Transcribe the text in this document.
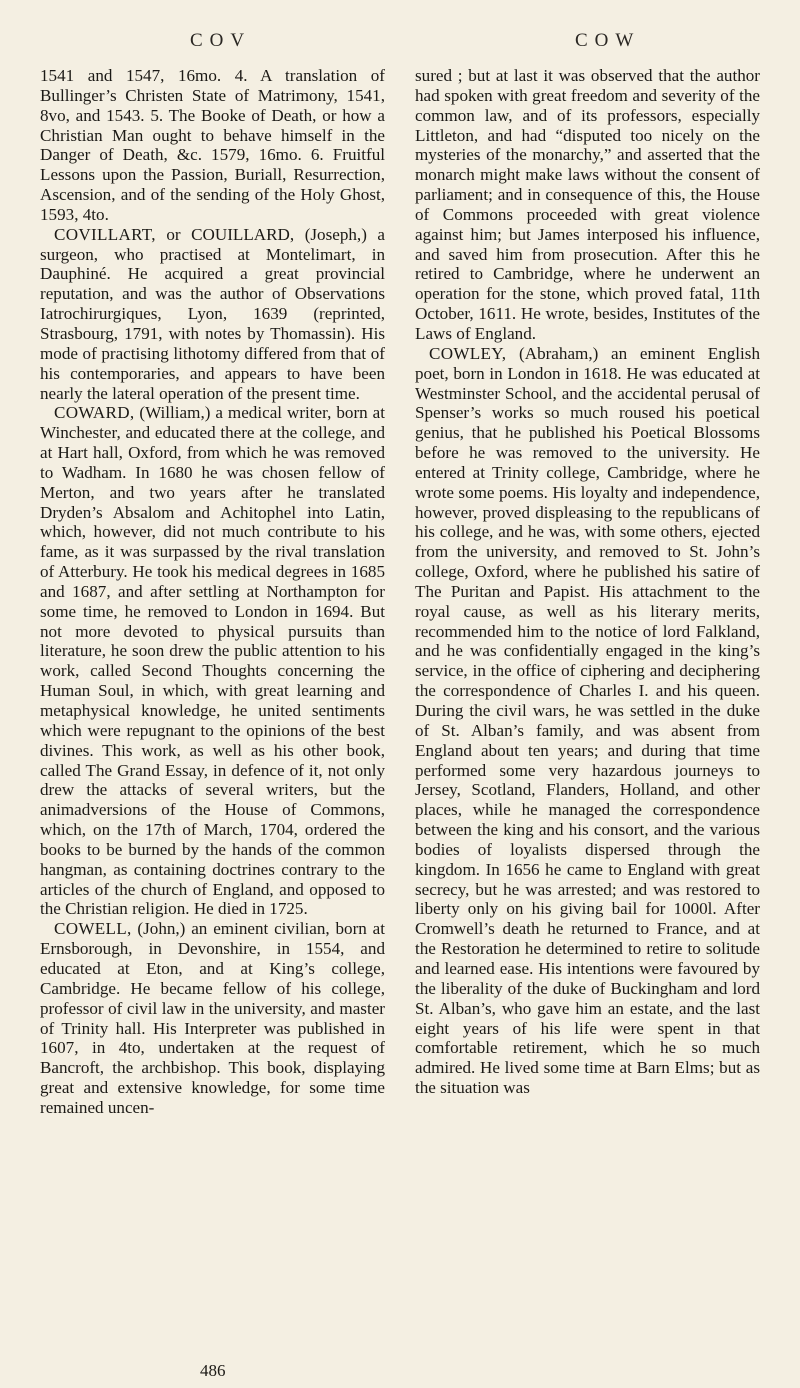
COV	COW

1541 and 1547, 16mo. 4. A translation of Bullinger’s Christen State of Matrimony, 1541, 8vo, and 1543. 5. The Booke of Death, or how a Christian Man ought to behave himself in the Danger of Death, &c. 1579, 16mo. 6. Fruitful Lessons upon the Passion, Buriall, Resurrection, Ascension, and of the sending of the Holy Ghost, 1593, 4to.

COVILLART, or COUILLARD, (Joseph,) a surgeon, who practised at Montelimart, in Dauphiné. He acquired a great provincial reputation, and was the author of Observations Iatrochirurgiques, Lyon, 1639 (reprinted, Strasbourg, 1791, with notes by Thomassin). His mode of practising lithotomy differed from that of his contemporaries, and appears to have been nearly the lateral operation of the present time.

COWARD, (William,) a medical writer, born at Winchester, and educated there at the college, and at Hart hall, Oxford, from which he was removed to Wadham. In 1680 he was chosen fellow of Merton, and two years after he translated Dryden’s Absalom and Achitophel into Latin, which, however, did not much contribute to his fame, as it was surpassed by the rival translation of Atterbury. He took his medical degrees in 1685 and 1687, and after settling at Northampton for some time, he removed to London in 1694. But not more devoted to physical pursuits than literature, he soon drew the public attention to his work, called Second Thoughts concerning the Human Soul, in which, with great learning and metaphysical knowledge, he united sentiments which were repugnant to the opinions of the best divines. This work, as well as his other book, called The Grand Essay, in defence of it, not only drew the attacks of several writers, but the animadversions of the House of Commons, which, on the 17th of March, 1704, ordered the books to be burned by the hands of the common hangman, as containing doctrines contrary to the articles of the church of England, and opposed to the Christian religion. He died in 1725.

COWELL, (John,) an eminent civilian, born at Ernsborough, in Devonshire, in 1554, and educated at Eton, and at King’s college, Cambridge. He became fellow of his college, professor of civil law in the university, and master of Trinity hall. His Interpreter was published in 1607, in 4to, undertaken at the request of Bancroft, the archbishop. This book, displaying great and extensive knowledge, for some time remained uncen-

sured ; but at last it was observed that the author had spoken with great freedom and severity of the common law, and of its professors, especially Littleton, and had “disputed too nicely on the mysteries of the monarchy,” and asserted that the monarch might make laws without the consent of parliament; and in consequence of this, the House of Commons proceeded with great violence against him; but James interposed his influence, and saved him from prosecution. After this he retired to Cambridge, where he underwent an operation for the stone, which proved fatal, 11th October, 1611. He wrote, besides, Institutes of the Laws of England.

COWLEY, (Abraham,) an eminent English poet, born in London in 1618. He was educated at Westminster School, and the accidental perusal of Spenser’s works so much roused his poetical genius, that he published his Poetical Blossoms before he was removed to the university. He entered at Trinity college, Cambridge, where he wrote some poems. His loyalty and independence, however, proved displeasing to the republicans of his college, and he was, with some others, ejected from the university, and removed to St. John’s college, Oxford, where he published his satire of The Puritan and Papist. His attachment to the royal cause, as well as his literary merits, recommended him to the notice of lord Falkland, and he was confidentially engaged in the king’s service, in the office of ciphering and deciphering the correspondence of Charles I. and his queen. During the civil wars, he was settled in the duke of St. Alban’s family, and was absent from England about ten years; and during that time performed some very hazardous journeys to Jersey, Scotland, Flanders, Holland, and other places, while he managed the correspondence between the king and his consort, and the various bodies of loyalists dispersed through the kingdom. In 1656 he came to England with great secrecy, but he was arrested; and was restored to liberty only on his giving bail for 1000l. After Cromwell’s death he returned to France, and at the Restoration he determined to retire to solitude and learned ease. His intentions were favoured by the liberality of the duke of Buckingham and lord St. Alban’s, who gave him an estate, and the last eight years of his life were spent in that comfortable retirement, which he so much admired. He lived some time at Barn Elms; but as the situation was

486
